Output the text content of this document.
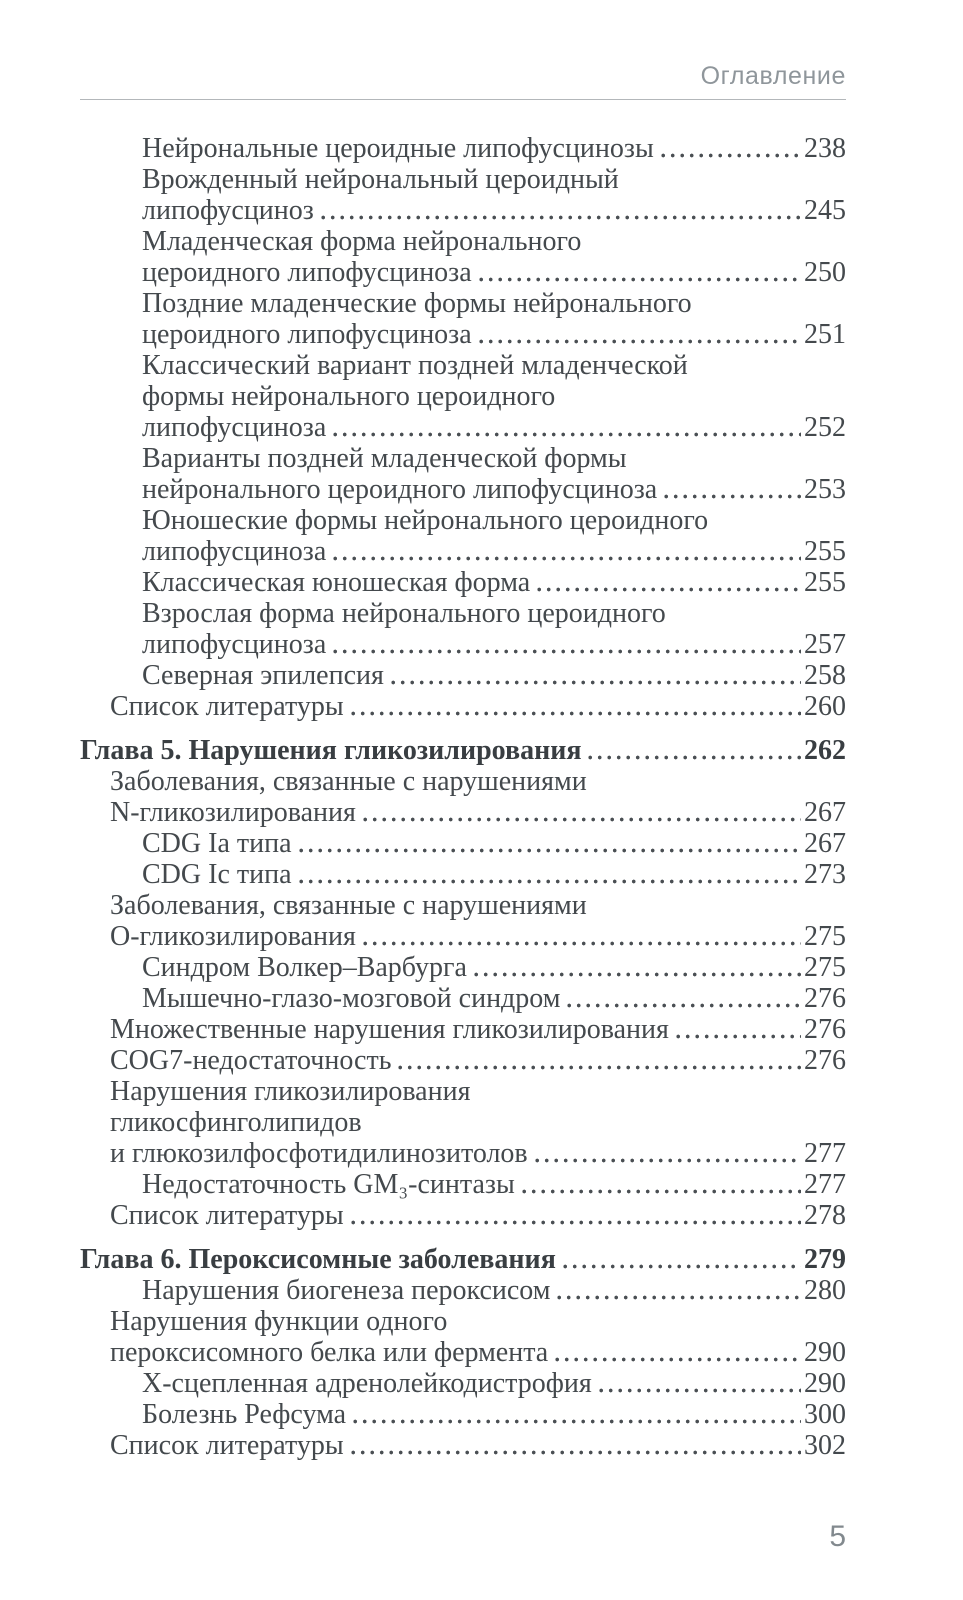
Оглавление
Нейрональные цероидные липофусцинозы	238
Врожденный нейрональный цероидный
липофусциноз	245
Младенческая форма нейронального
цероидного липофусциноза	250
Поздние младенческие формы нейронального
цероидного липофусциноза	251
Классический вариант поздней младенческой
формы нейронального цероидного
липофусциноза	252
Варианты поздней младенческой формы
нейронального цероидного липофусциноза	253
Юношеские формы нейронального цероидного
липофусциноза	255
Классическая юношеская форма	255
Взрослая форма нейронального цероидного
липофусциноза	257
Северная эпилепсия	258
Список литературы	260
Глава 5. Нарушения гликозилирования	262
Заболевания, связанные с нарушениями
N-гликозилирования	267
CDG Ia типа	267
CDG Ic типа	273
Заболевания, связанные с нарушениями
О-гликозилирования	275
Синдром Волкер–Варбурга	275
Мышечно-глазо-мозговой синдром	276
Множественные нарушения гликозилирования	276
COG7-недостаточность	276
Нарушения гликозилирования
гликосфинголипидов
и глюкозилфосфотидилинозитолов	277
Недостаточность GM₃-синтазы	277
Список литературы	278
Глава 6. Пероксисомные заболевания	279
Нарушения биогенеза пероксисом	280
Нарушения функции одного
пероксисомного белка или фермента	290
Х-сцепленная адренолейкодистрофия	290
Болезнь Рефсума	300
Список литературы	302
5
